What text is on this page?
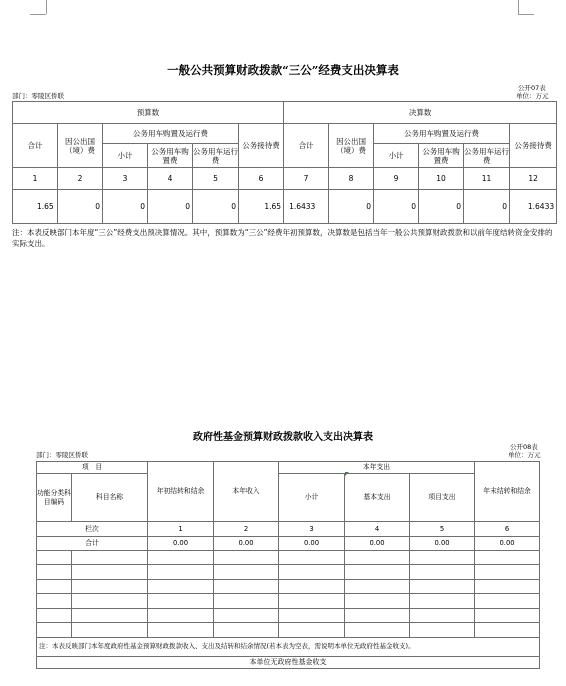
一般公共预算财政拨款“三公”经费支出决算表
公开07表
部门：零陵区侨联	单位：万元
预算数						决算数					
合计	因公出国（境）费	公务用车购置及运行费			公务接待费	合计	因公出国（境）费	公务用车购置及运行费			公务接待费
		小计	公务用车购置费	公务用车运行费				小计	公务用车购置费	公务用车运行费	
1	2	3	4	5	6	7	8	9	10	11	12
1.65	0	0	0	0	1.65	1.6433	0	0	0	0	1.6433
注：本表反映部门本年度“三公”经费支出预决算情况。其中，预算数为“三公”经费年初预算数，决算数是包括当年一般公共预算财政拨款和以前年度结转资金安排的实际支出。
政府性基金预算财政拨款收入支出决算表
公开08表
部门：零陵区侨联	单位：万元
项　目		年初结转和结余	本年收入	本年支出			年末结转和结余
功能分类科目编码	科目名称			小计	基本支出	项目支出	

栏次		1	2	3	4	5	6
合计		0.00	0.00	0.00	0.00	0.00	0.00

注：本表反映部门本年度政府性基金预算财政拨款收入、支出及结转和结余情况(若本表为空表，需说明本单位无政府性基金收支)。
本单位无政府性基金收支
